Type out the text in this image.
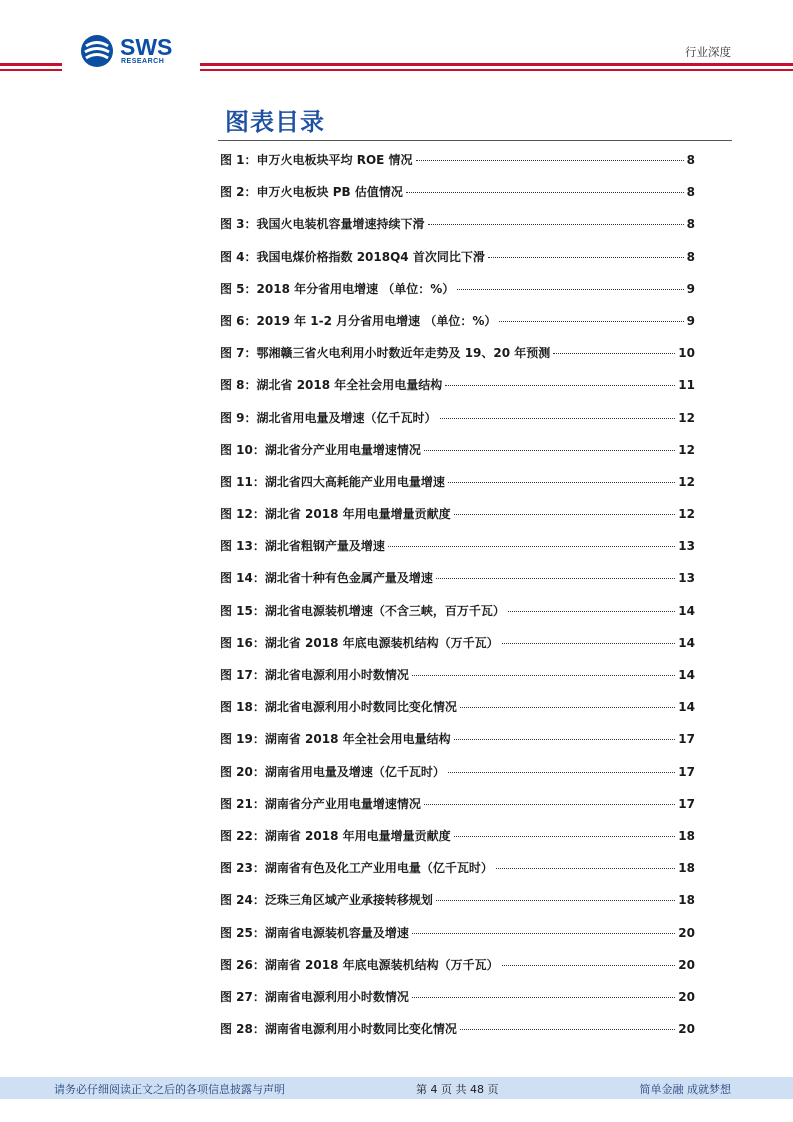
SWS
RESEARCH
行业深度
图表目录
图 1：申万火电板块平均 ROE 情况	8
图 2：申万火电板块 PB 估值情况	8
图 3：我国火电装机容量增速持续下滑	8
图 4：我国电煤价格指数 2018Q4 首次同比下滑	8
图 5：2018 年分省用电增速 （单位：%）	9
图 6：2019 年 1-2 月分省用电增速 （单位：%）	9
图 7：鄂湘赣三省火电利用小时数近年走势及 19、20 年预测	10
图 8：湖北省 2018 年全社会用电量结构	11
图 9：湖北省用电量及增速（亿千瓦时）	12
图 10：湖北省分产业用电量增速情况	12
图 11：湖北省四大高耗能产业用电量增速	12
图 12：湖北省 2018 年用电量增量贡献度	12
图 13：湖北省粗钢产量及增速	13
图 14：湖北省十种有色金属产量及增速	13
图 15：湖北省电源装机增速（不含三峡，百万千瓦）	14
图 16：湖北省 2018 年底电源装机结构（万千瓦）	14
图 17：湖北省电源利用小时数情况	14
图 18：湖北省电源利用小时数同比变化情况	14
图 19：湖南省 2018 年全社会用电量结构	17
图 20：湖南省用电量及增速（亿千瓦时）	17
图 21：湖南省分产业用电量增速情况	17
图 22：湖南省 2018 年用电量增量贡献度	18
图 23：湖南省有色及化工产业用电量（亿千瓦时）	18
图 24：泛珠三角区域产业承接转移规划	18
图 25：湖南省电源装机容量及增速	20
图 26：湖南省 2018 年底电源装机结构（万千瓦）	20
图 27：湖南省电源利用小时数情况	20
图 28：湖南省电源利用小时数同比变化情况	20
请务必仔细阅读正文之后的各项信息披露与声明	第 4 页 共 48 页	简单金融 成就梦想
